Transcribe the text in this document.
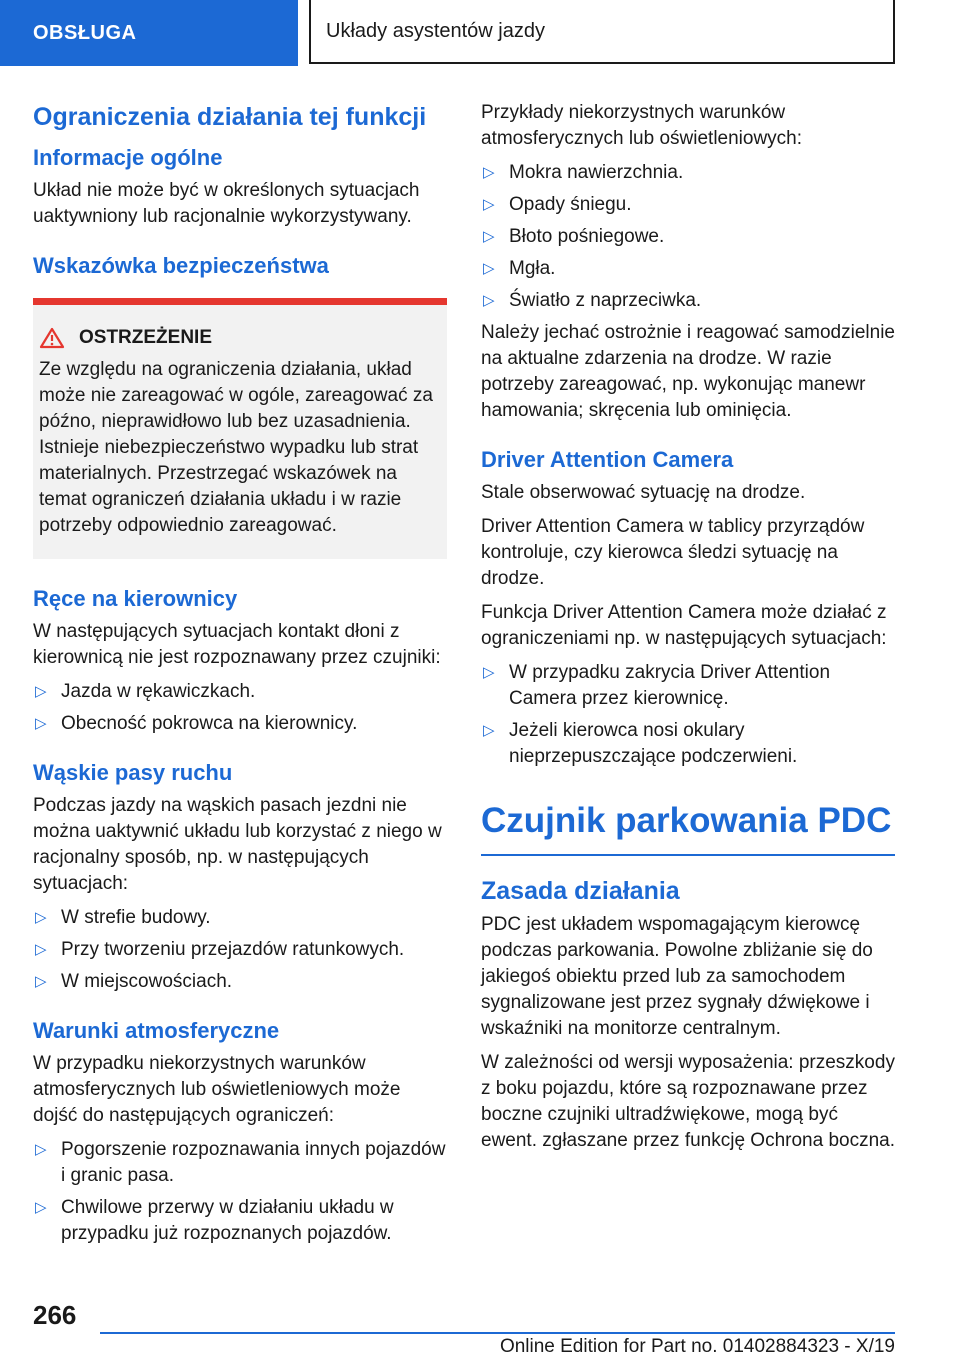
OBSŁUGA	Układy asystentów jazdy
Ograniczenia działania tej funkcji
Informacje ogólne

Układ nie może być w określonych sytuacjach uaktywniony lub racjonalnie wykorzystywany.

Wskazówka bezpieczeństwa
OSTRZEŻENIE

Ze względu na ograniczenia działania, układ może nie zareagować w ogóle, zareagować za późno, nieprawidłowo lub bez uzasadnienia. Istnieje niebezpieczeństwo wypadku lub strat materialnych. Przestrzegać wskazówek na temat ograniczeń działania układu i w razie potrzeby odpowiednio zareagować.

Ręce na kierownicy

W następujących sytuacjach kontakt dłoni z kierownicą nie jest rozpoznawany przez czujniki:

▷ Jazda w rękawiczkach.
▷ Obecność pokrowca na kierownicy.
Wąskie pasy ruchu

Podczas jazdy na wąskich pasach jezdni nie można uaktywnić układu lub korzystać z niego w racjonalny sposób, np. w następujących sytuacjach:

▷ W strefie budowy.
▷ Przy tworzeniu przejazdów ratunkowych.
▷ W miejscowościach.
Warunki atmosferyczne

W przypadku niekorzystnych warunków atmosferycznych lub oświetleniowych może dojść do następujących ograniczeń:

▷ Pogorszenie rozpoznawania innych pojazdów i granic pasa.
▷ Chwilowe przerwy w działaniu układu w przypadku już rozpoznanych pojazdów.

Przykłady niekorzystnych warunków atmosferycznych lub oświetleniowych:

▷ Mokra nawierzchnia.
▷ Opady śniegu.
▷ Błoto pośniegowe.
▷ Mgła.
▷ Światło z naprzeciwka.

Należy jechać ostrożnie i reagować samodzielnie na aktualne zdarzenia na drodze. W razie potrzeby zareagować, np. wykonując manewr hamowania; skręcenia lub ominięcia.

Driver Attention Camera

Stale obserwować sytuację na drodze.

Driver Attention Camera w tablicy przyrządów kontroluje, czy kierowca śledzi sytuację na drodze.

Funkcja Driver Attention Camera może działać z ograniczeniami np. w następujących sytuacjach:

▷ W przypadku zakrycia Driver Attention Camera przez kierownicę.
▷ Jeżeli kierowca nosi okulary nieprzepuszczające podczerwieni.
Czujnik parkowania PDC
Zasada działania

PDC jest układem wspomagającym kierowcę podczas parkowania. Powolne zbliżanie się do jakiegoś obiektu przed lub za samochodem sygnalizowane jest przez sygnały dźwiękowe i wskaźniki na monitorze centralnym.

W zależności od wersji wyposażenia: przeszkody z boku pojazdu, które są rozpoznawane przez boczne czujniki ultradźwiękowe, mogą być ewent. zgłaszane przez funkcję Ochrona boczna.

266
Online Edition for Part no. 01402884323 - X/19
